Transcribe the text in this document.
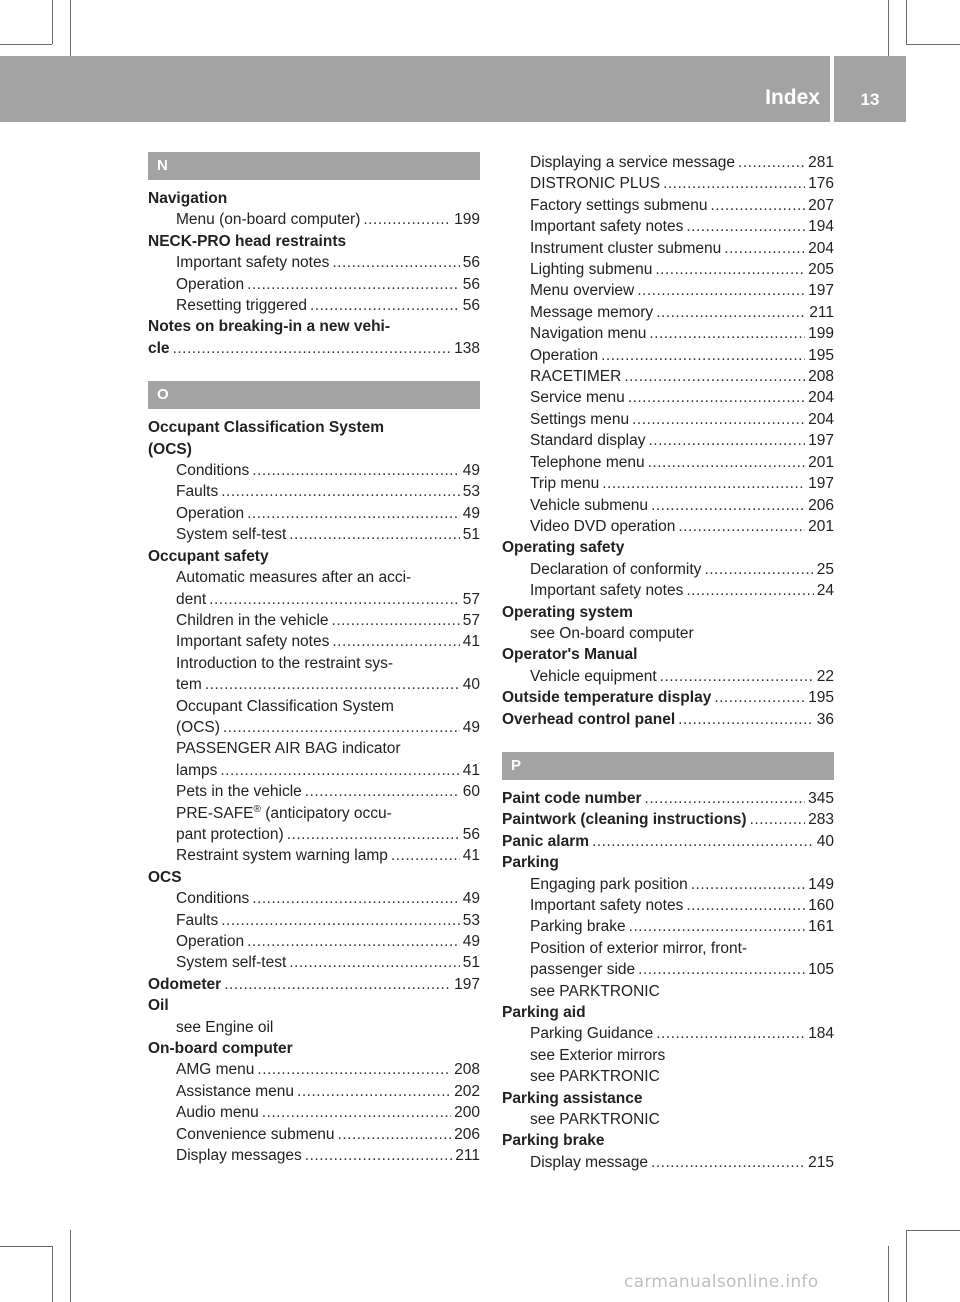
Index	13
N
Navigation
Menu (on-board computer) .....	199
NECK-PRO head restraints
Important safety notes .....	56
Operation .....	56
Resetting triggered .....	56
Notes on breaking-in a new vehi-
cle .....	138
O
Occupant Classification System
(OCS)
Conditions .....	49
Faults .....	53
Operation .....	49
System self-test .....	51
Occupant safety
Automatic measures after an acci-
dent .....	57
Children in the vehicle .....	57
Important safety notes .....	41
Introduction to the restraint sys-
tem .....	40
Occupant Classification System
(OCS) .....	49
PASSENGER AIR BAG indicator
lamps .....	41
Pets in the vehicle .....	60
PRE-SAFE® (anticipatory occu-
pant protection) .....	56
Restraint system warning lamp .....	41
OCS
Conditions .....	49
Faults .....	53
Operation .....	49
System self-test .....	51
Odometer .....	197
Oil
see Engine oil
On-board computer
AMG menu .....	208
Assistance menu .....	202
Audio menu .....	200
Convenience submenu .....	206
Display messages .....	211
Displaying a service message .....	281
DISTRONIC PLUS .....	176
Factory settings submenu .....	207
Important safety notes .....	194
Instrument cluster submenu .....	204
Lighting submenu .....	205
Menu overview .....	197
Message memory .....	211
Navigation menu .....	199
Operation .....	195
RACETIMER .....	208
Service menu .....	204
Settings menu .....	204
Standard display .....	197
Telephone menu .....	201
Trip menu .....	197
Vehicle submenu .....	206
Video DVD operation .....	201
Operating safety
Declaration of conformity .....	25
Important safety notes .....	24
Operating system
see On-board computer
Operator's Manual
Vehicle equipment .....	22
Outside temperature display .....	195
Overhead control panel .....	36
P
Paint code number .....	345
Paintwork (cleaning instructions) .....	283
Panic alarm .....	40
Parking
Engaging park position .....	149
Important safety notes .....	160
Parking brake .....	161
Position of exterior mirror, front-
passenger side .....	105
see PARKTRONIC
Parking aid
Parking Guidance .....	184
see Exterior mirrors
see PARKTRONIC
Parking assistance
see PARKTRONIC
Parking brake
Display message .....	215
carmanualsonline.info
